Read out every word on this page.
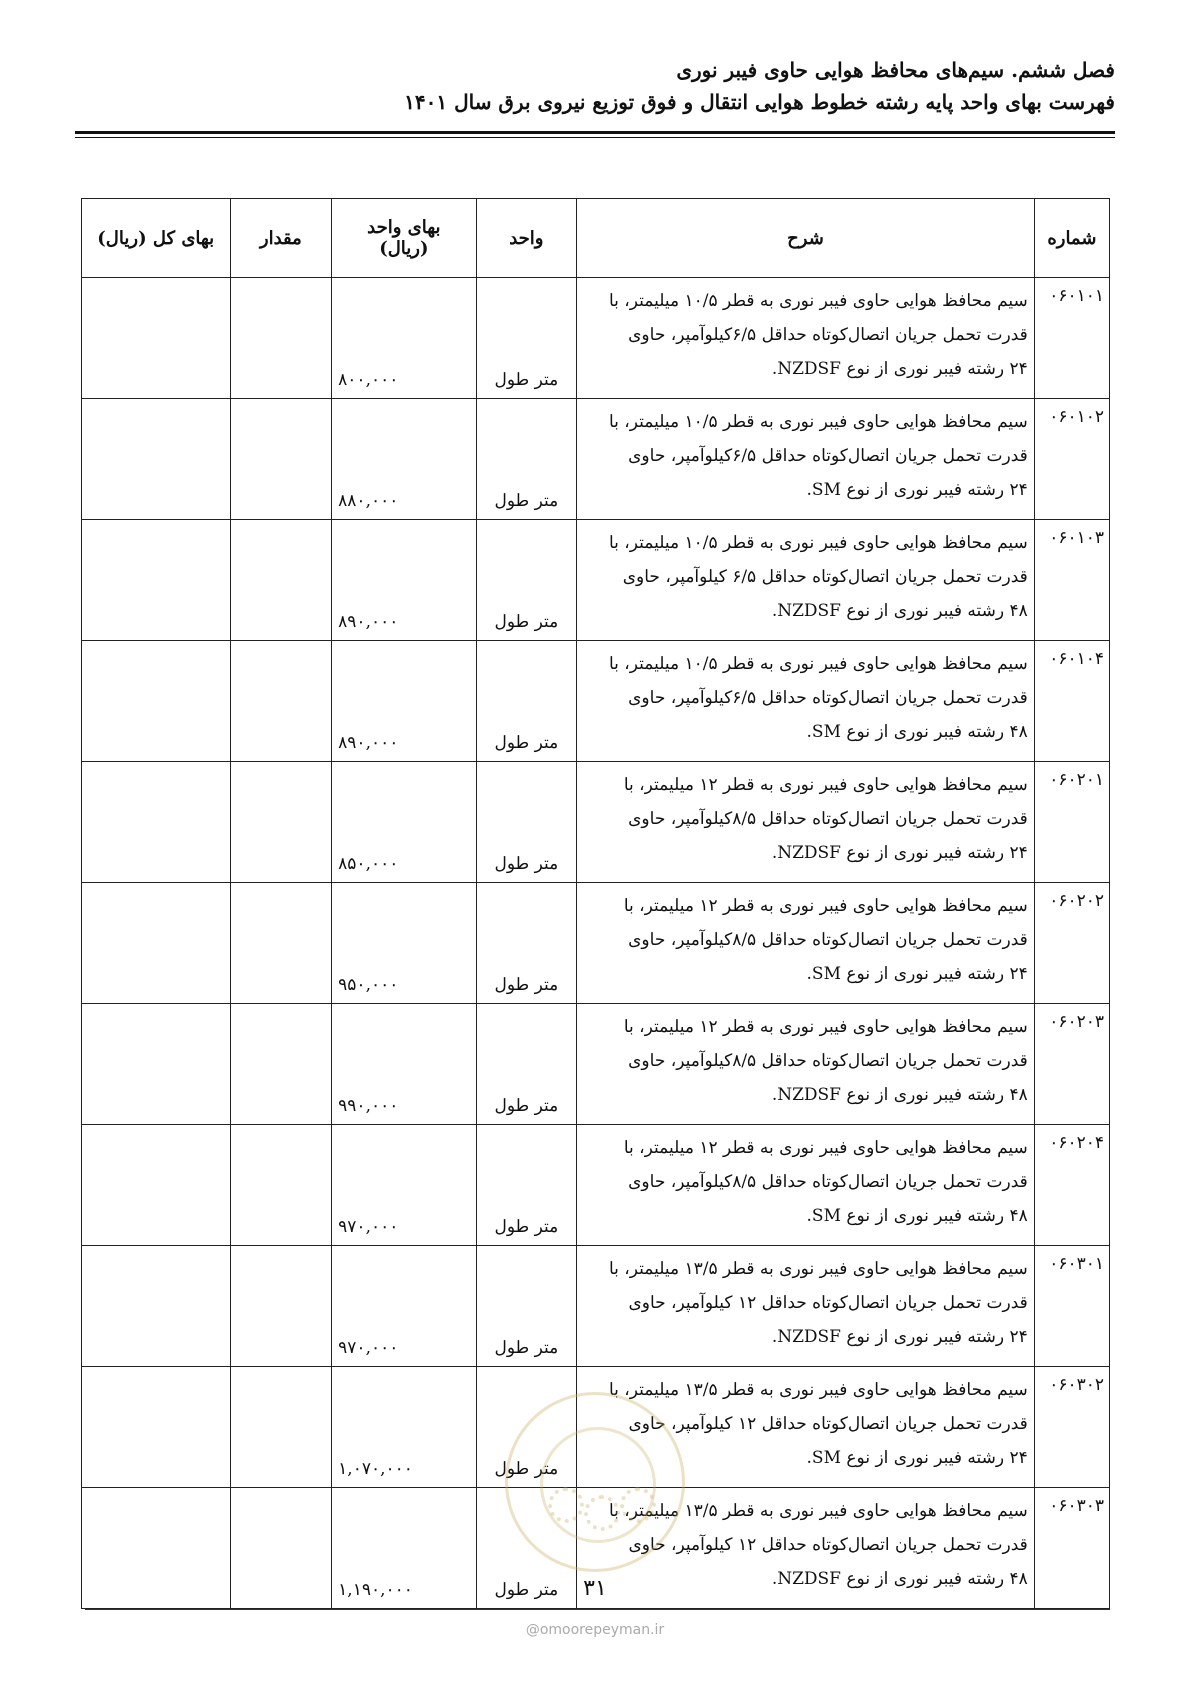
فصل ششم. سیم‌های محافظ هوایی حاوی فیبر نوری
فهرست بهای واحد پایه رشته خطوط هوایی انتقال و فوق توزیع نیروی برق سال ۱۴۰۱
شماره	شرح	واحد	بهای واحد
(ریال)	مقدار	بهای کل (ریال)
۰۶۰۱۰۱	سیم محافظ هوایی حاوی فیبر نوری به قطر ۱۰/۵ میلیمتر، با
قدرت تحمل جریان اتصال‌کوتاه حداقل ۶/۵کیلوآمپر، حاوی
۲۴ رشته فیبر نوری از نوع NZDSF.	متر طول	۸۰۰,۰۰۰		
۰۶۰۱۰۲	سیم محافظ هوایی حاوی فیبر نوری به قطر ۱۰/۵ میلیمتر، با
قدرت تحمل جریان اتصال‌کوتاه حداقل ۶/۵کیلوآمپر، حاوی
۲۴ رشته فیبر نوری از نوع SM.	متر طول	۸۸۰,۰۰۰		
۰۶۰۱۰۳	سیم محافظ هوایی حاوی فیبر نوری به قطر ۱۰/۵ میلیمتر، با
قدرت تحمل جریان اتصال‌کوتاه حداقل ۶/۵ کیلوآمپر، حاوی
۴۸ رشته فیبر نوری از نوع NZDSF.	متر طول	۸۹۰,۰۰۰		
۰۶۰۱۰۴	سیم محافظ هوایی حاوی فیبر نوری به قطر ۱۰/۵ میلیمتر، با
قدرت تحمل جریان اتصال‌کوتاه حداقل ۶/۵کیلوآمپر، حاوی
۴۸ رشته فیبر نوری از نوع SM.	متر طول	۸۹۰,۰۰۰		
۰۶۰۲۰۱	سیم محافظ هوایی حاوی فیبر نوری به قطر ۱۲ میلیمتر، با
قدرت تحمل جریان اتصال‌کوتاه حداقل ۸/۵کیلوآمپر، حاوی
۲۴ رشته فیبر نوری از نوع NZDSF.	متر طول	۸۵۰,۰۰۰		
۰۶۰۲۰۲	سیم محافظ هوایی حاوی فیبر نوری به قطر ۱۲ میلیمتر، با
قدرت تحمل جریان اتصال‌کوتاه حداقل ۸/۵کیلوآمپر، حاوی
۲۴ رشته فیبر نوری از نوع SM.	متر طول	۹۵۰,۰۰۰		
۰۶۰۲۰۳	سیم محافظ هوایی حاوی فیبر نوری به قطر ۱۲ میلیمتر، با
قدرت تحمل جریان اتصال‌کوتاه حداقل ۸/۵کیلوآمپر، حاوی
۴۸ رشته فیبر نوری از نوع NZDSF.	متر طول	۹۹۰,۰۰۰		
۰۶۰۲۰۴	سیم محافظ هوایی حاوی فیبر نوری به قطر ۱۲ میلیمتر، با
قدرت تحمل جریان اتصال‌کوتاه حداقل ۸/۵کیلوآمپر، حاوی
۴۸ رشته فیبر نوری از نوع SM.	متر طول	۹۷۰,۰۰۰		
۰۶۰۳۰۱	سیم محافظ هوایی حاوی فیبر نوری به قطر ۱۳/۵ میلیمتر، با
قدرت تحمل جریان اتصال‌کوتاه حداقل ۱۲ کیلوآمپر، حاوی
۲۴ رشته فیبر نوری از نوع NZDSF.	متر طول	۹۷۰,۰۰۰		
۰۶۰۳۰۲	سیم محافظ هوایی حاوی فیبر نوری به قطر ۱۳/۵ میلیمتر، با
قدرت تحمل جریان اتصال‌کوتاه حداقل ۱۲ کیلوآمپر، حاوی
۲۴ رشته فیبر نوری از نوع SM.	متر طول	۱,۰۷۰,۰۰۰		
۰۶۰۳۰۳	سیم محافظ هوایی حاوی فیبر نوری به قطر ۱۳/۵ میلیمتر، با
قدرت تحمل جریان اتصال‌کوتاه حداقل ۱۲ کیلوآمپر، حاوی
۴۸ رشته فیبر نوری از نوع NZDSF.	متر طول	۱,۱۹۰,۰۰۰			۳۱
@omoorepeyman.ir
